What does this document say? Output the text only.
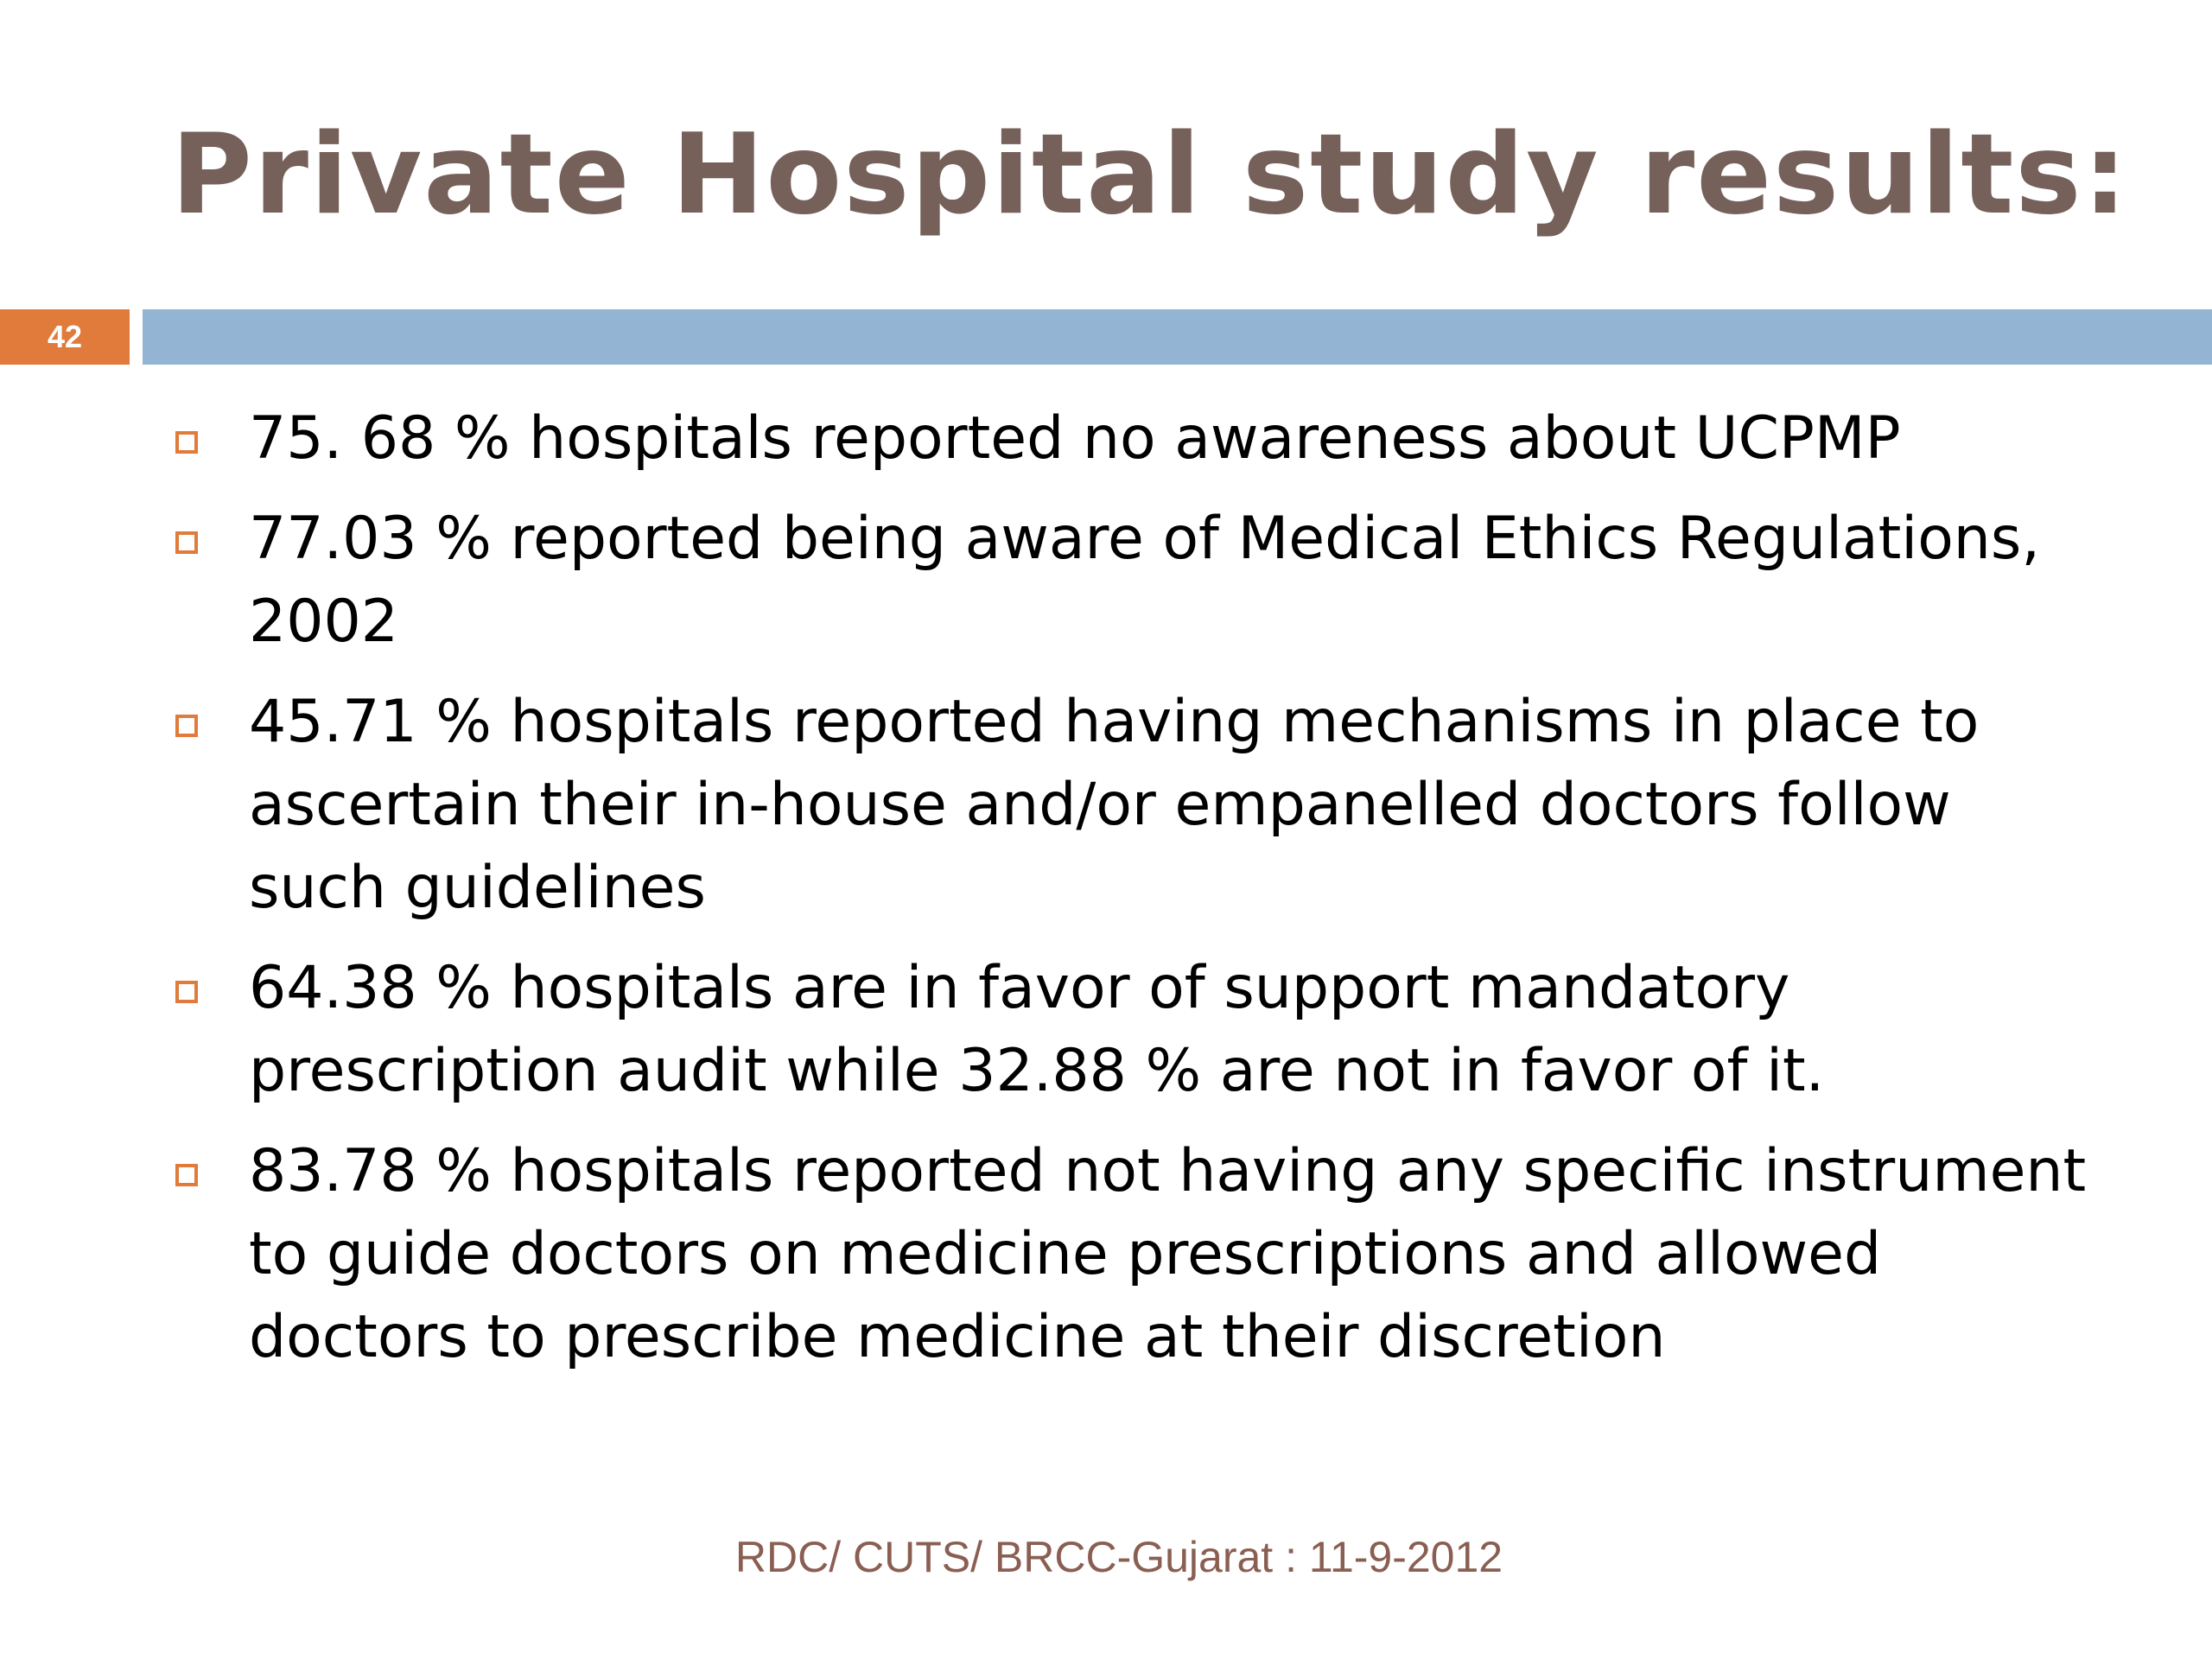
Private Hospital study results:
42
75. 68 % hospitals reported no awareness about UCPMP
77.03 % reported being aware of Medical Ethics Regulations, 2002
45.71 % hospitals reported having mechanisms in place to ascertain their in-house and/or empanelled doctors follow such guidelines
64.38 % hospitals are in favor of support mandatory prescription audit while 32.88 % are not in favor of it.
83.78 % hospitals reported not having any specific instrument to guide doctors on medicine prescriptions and allowed doctors to prescribe medicine at their discretion
RDC/ CUTS/ BRCC-Gujarat : 11-9-2012
